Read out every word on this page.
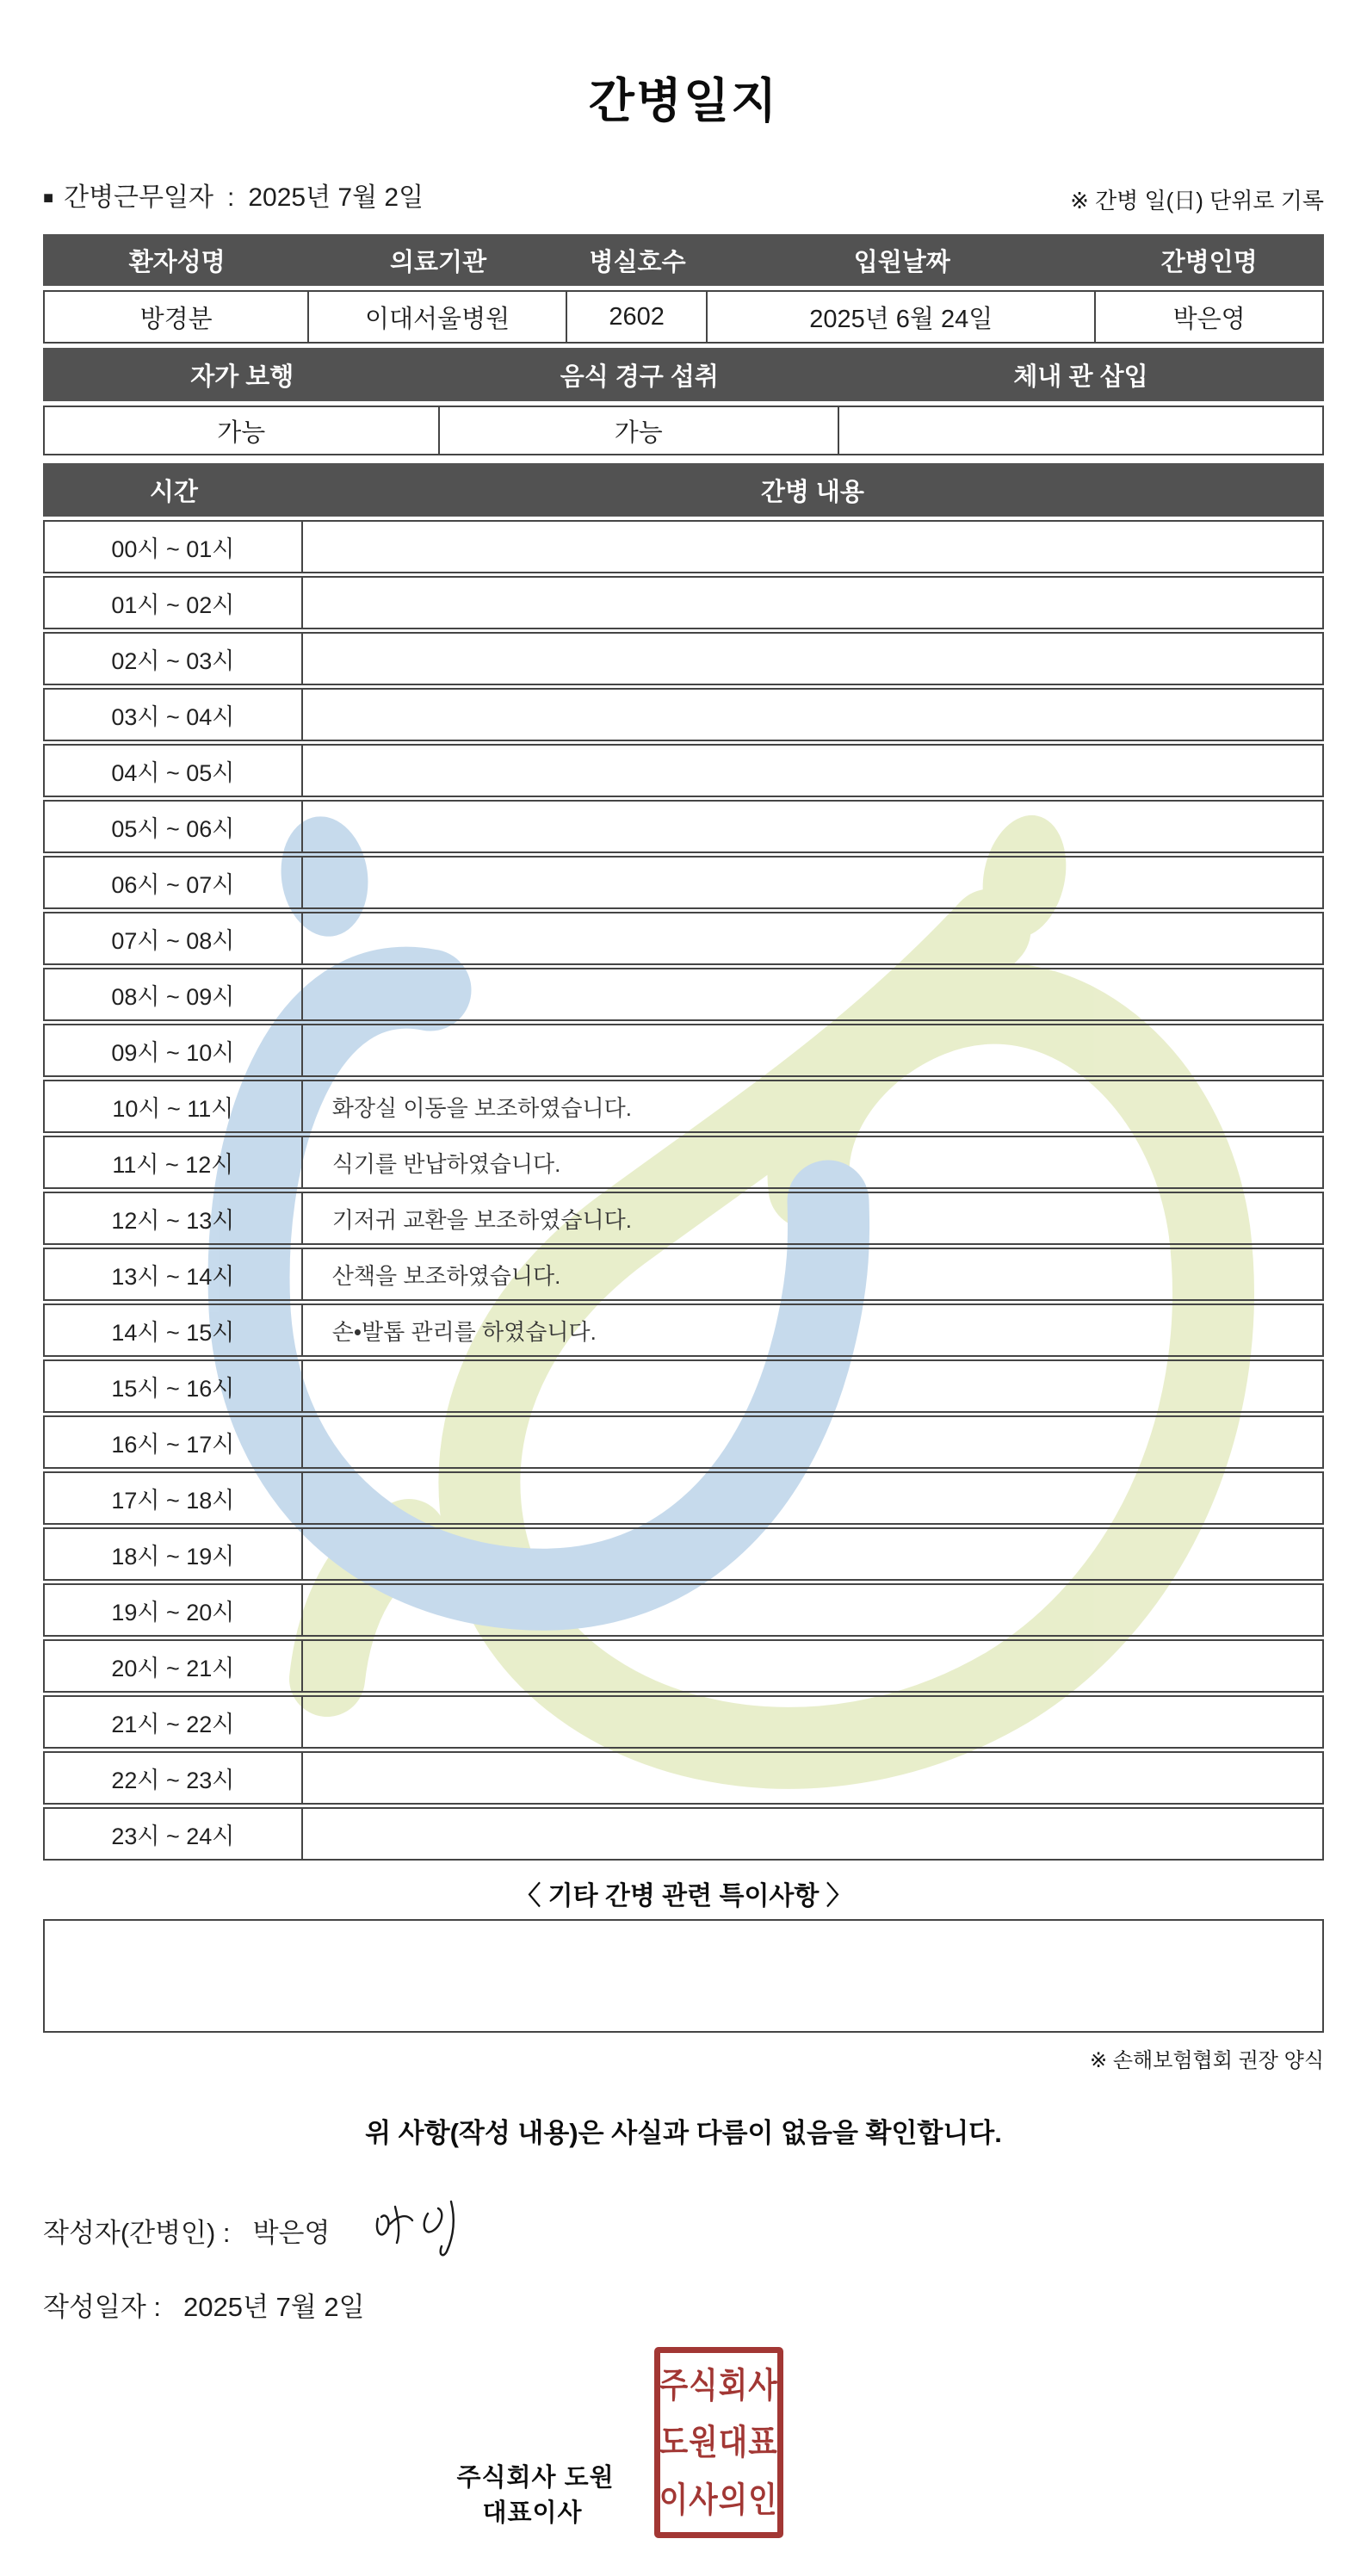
간병일지
■ 간병근무일자 : 2025년 7월 2일	※ 간병 일(日) 단위로 기록
환자성명	의료기관	병실호수	입원날짜	간병인명
방경분	이대서울병원	2602	2025년 6월 24일	박은영
자가 보행	음식 경구 섭취	체내 관 삽입
가능	가능
시간	간병 내용
00시 ~ 01시
01시 ~ 02시
02시 ~ 03시
03시 ~ 04시
04시 ~ 05시
05시 ~ 06시
06시 ~ 07시
07시 ~ 08시
08시 ~ 09시
09시 ~ 10시
10시 ~ 11시	화장실 이동을 보조하였습니다.
11시 ~ 12시	식기를 반납하였습니다.
12시 ~ 13시	기저귀 교환을 보조하였습니다.
13시 ~ 14시	산책을 보조하였습니다.
14시 ~ 15시	손•발톱 관리를 하였습니다.
15시 ~ 16시
16시 ~ 17시
17시 ~ 18시
18시 ~ 19시
19시 ~ 20시
20시 ~ 21시
21시 ~ 22시
22시 ~ 23시
23시 ~ 24시
〈 기타 간병 관련 특이사항 〉
※ 손해보험협회 권장 양식
위 사항(작성 내용)은 사실과 다름이 없음을 확인합니다.
작성자(간병인) : 박은영
작성일자 : 2025년 7월 2일

주식회사 도원
대표이사

주식회사
도원대표
이사의인
